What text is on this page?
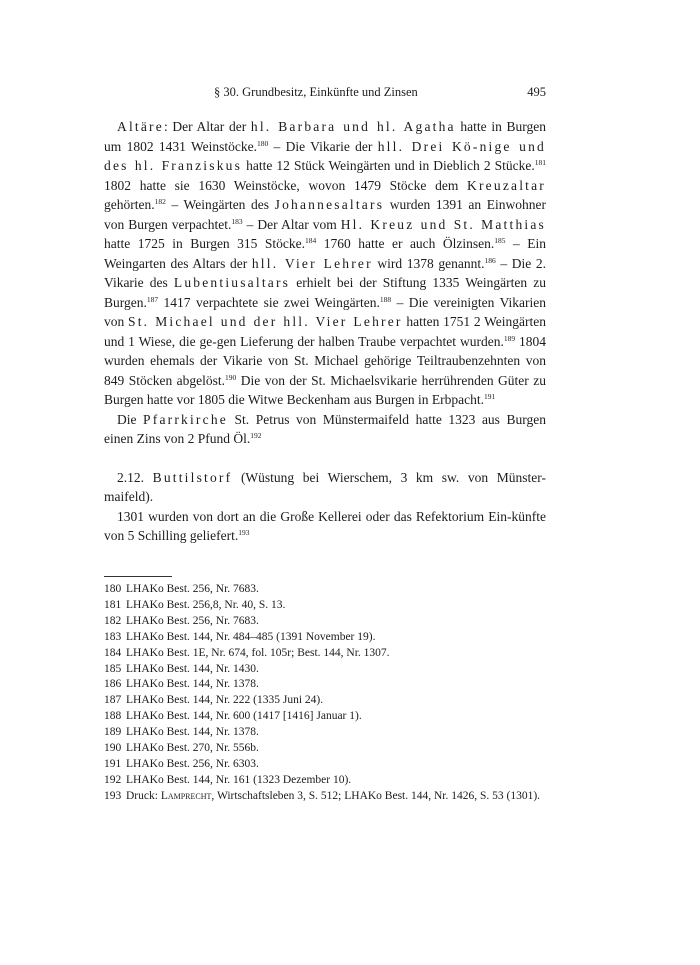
§ 30. Grundbesitz, Einkünfte und Zinsen	495

Altäre: Der Altar der hl. Barbara und hl. Agatha hatte in Burgen um 1802 1431 Weinstöcke.$^{180}$ – Die Vikarie der hll. Drei Kö-nige und des hl. Franziskus hatte 12 Stück Weingärten und in Dieblich 2 Stücke.$^{181}$ 1802 hatte sie 1630 Weinstöcke, wovon 1479 Stöcke dem Kreuzaltar gehörten.$^{182}$ – Weingärten des Johannesaltars wurden 1391 an Einwohner von Burgen verpachtet.$^{183}$ – Der Altar vom Hl. Kreuz und St. Matthias hatte 1725 in Burgen 315 Stöcke.$^{184}$ 1760 hatte er auch Ölzinsen.$^{185}$ – Ein Weingarten des Altars der hll. Vier Lehrer wird 1378 genannt.$^{186}$ – Die 2. Vikarie des Lubentiusaltars erhielt bei der Stiftung 1335 Weingärten zu Burgen.$^{187}$ 1417 verpachtete sie zwei Weingärten.$^{188}$ – Die vereinigten Vikarien von St. Michael und der hll. Vier Lehrer hatten 1751 2 Weingärten und 1 Wiese, die ge-gen Lieferung der halben Traube verpachtet wurden.$^{189}$ 1804 wurden ehemals der Vikarie von St. Michael gehörige Teiltraubenzehnten von 849 Stöcken abgelöst.$^{190}$ Die von der St. Michaelsvikarie herrührenden Güter zu Burgen hatte vor 1805 die Witwe Beckenham aus Burgen in Erbpacht.$^{191}$

Die Pfarrkirche St. Petrus von Münstermaifeld hatte 1323 aus Burgen einen Zins von 2 Pfund Öl.$^{192}$

2.12. Buttilstorf (Wüstung bei Wierschem, 3 km sw. von Münster-maifeld).

1301 wurden von dort an die Große Kellerei oder das Refektorium Ein-künfte von 5 Schilling geliefert.$^{193}$

180 LHAKo Best. 256, Nr. 7683.
181 LHAKo Best. 256,8, Nr. 40, S. 13.
182 LHAKo Best. 256, Nr. 7683.
183 LHAKo Best. 144, Nr. 484–485 (1391 November 19).
184 LHAKo Best. 1E, Nr. 674, fol. 105r; Best. 144, Nr. 1307.
185 LHAKo Best. 144, Nr. 1430.
186 LHAKo Best. 144, Nr. 1378.
187 LHAKo Best. 144, Nr. 222 (1335 Juni 24).
188 LHAKo Best. 144, Nr. 600 (1417 [1416] Januar 1).
189 LHAKo Best. 144, Nr. 1378.
190 LHAKo Best. 270, Nr. 556b.
191 LHAKo Best. 256, Nr. 6303.
192 LHAKo Best. 144, Nr. 161 (1323 Dezember 10).
193 Druck: Lamprecht, Wirtschaftsleben 3, S. 512; LHAKo Best. 144, Nr. 1426, S. 53 (1301).
